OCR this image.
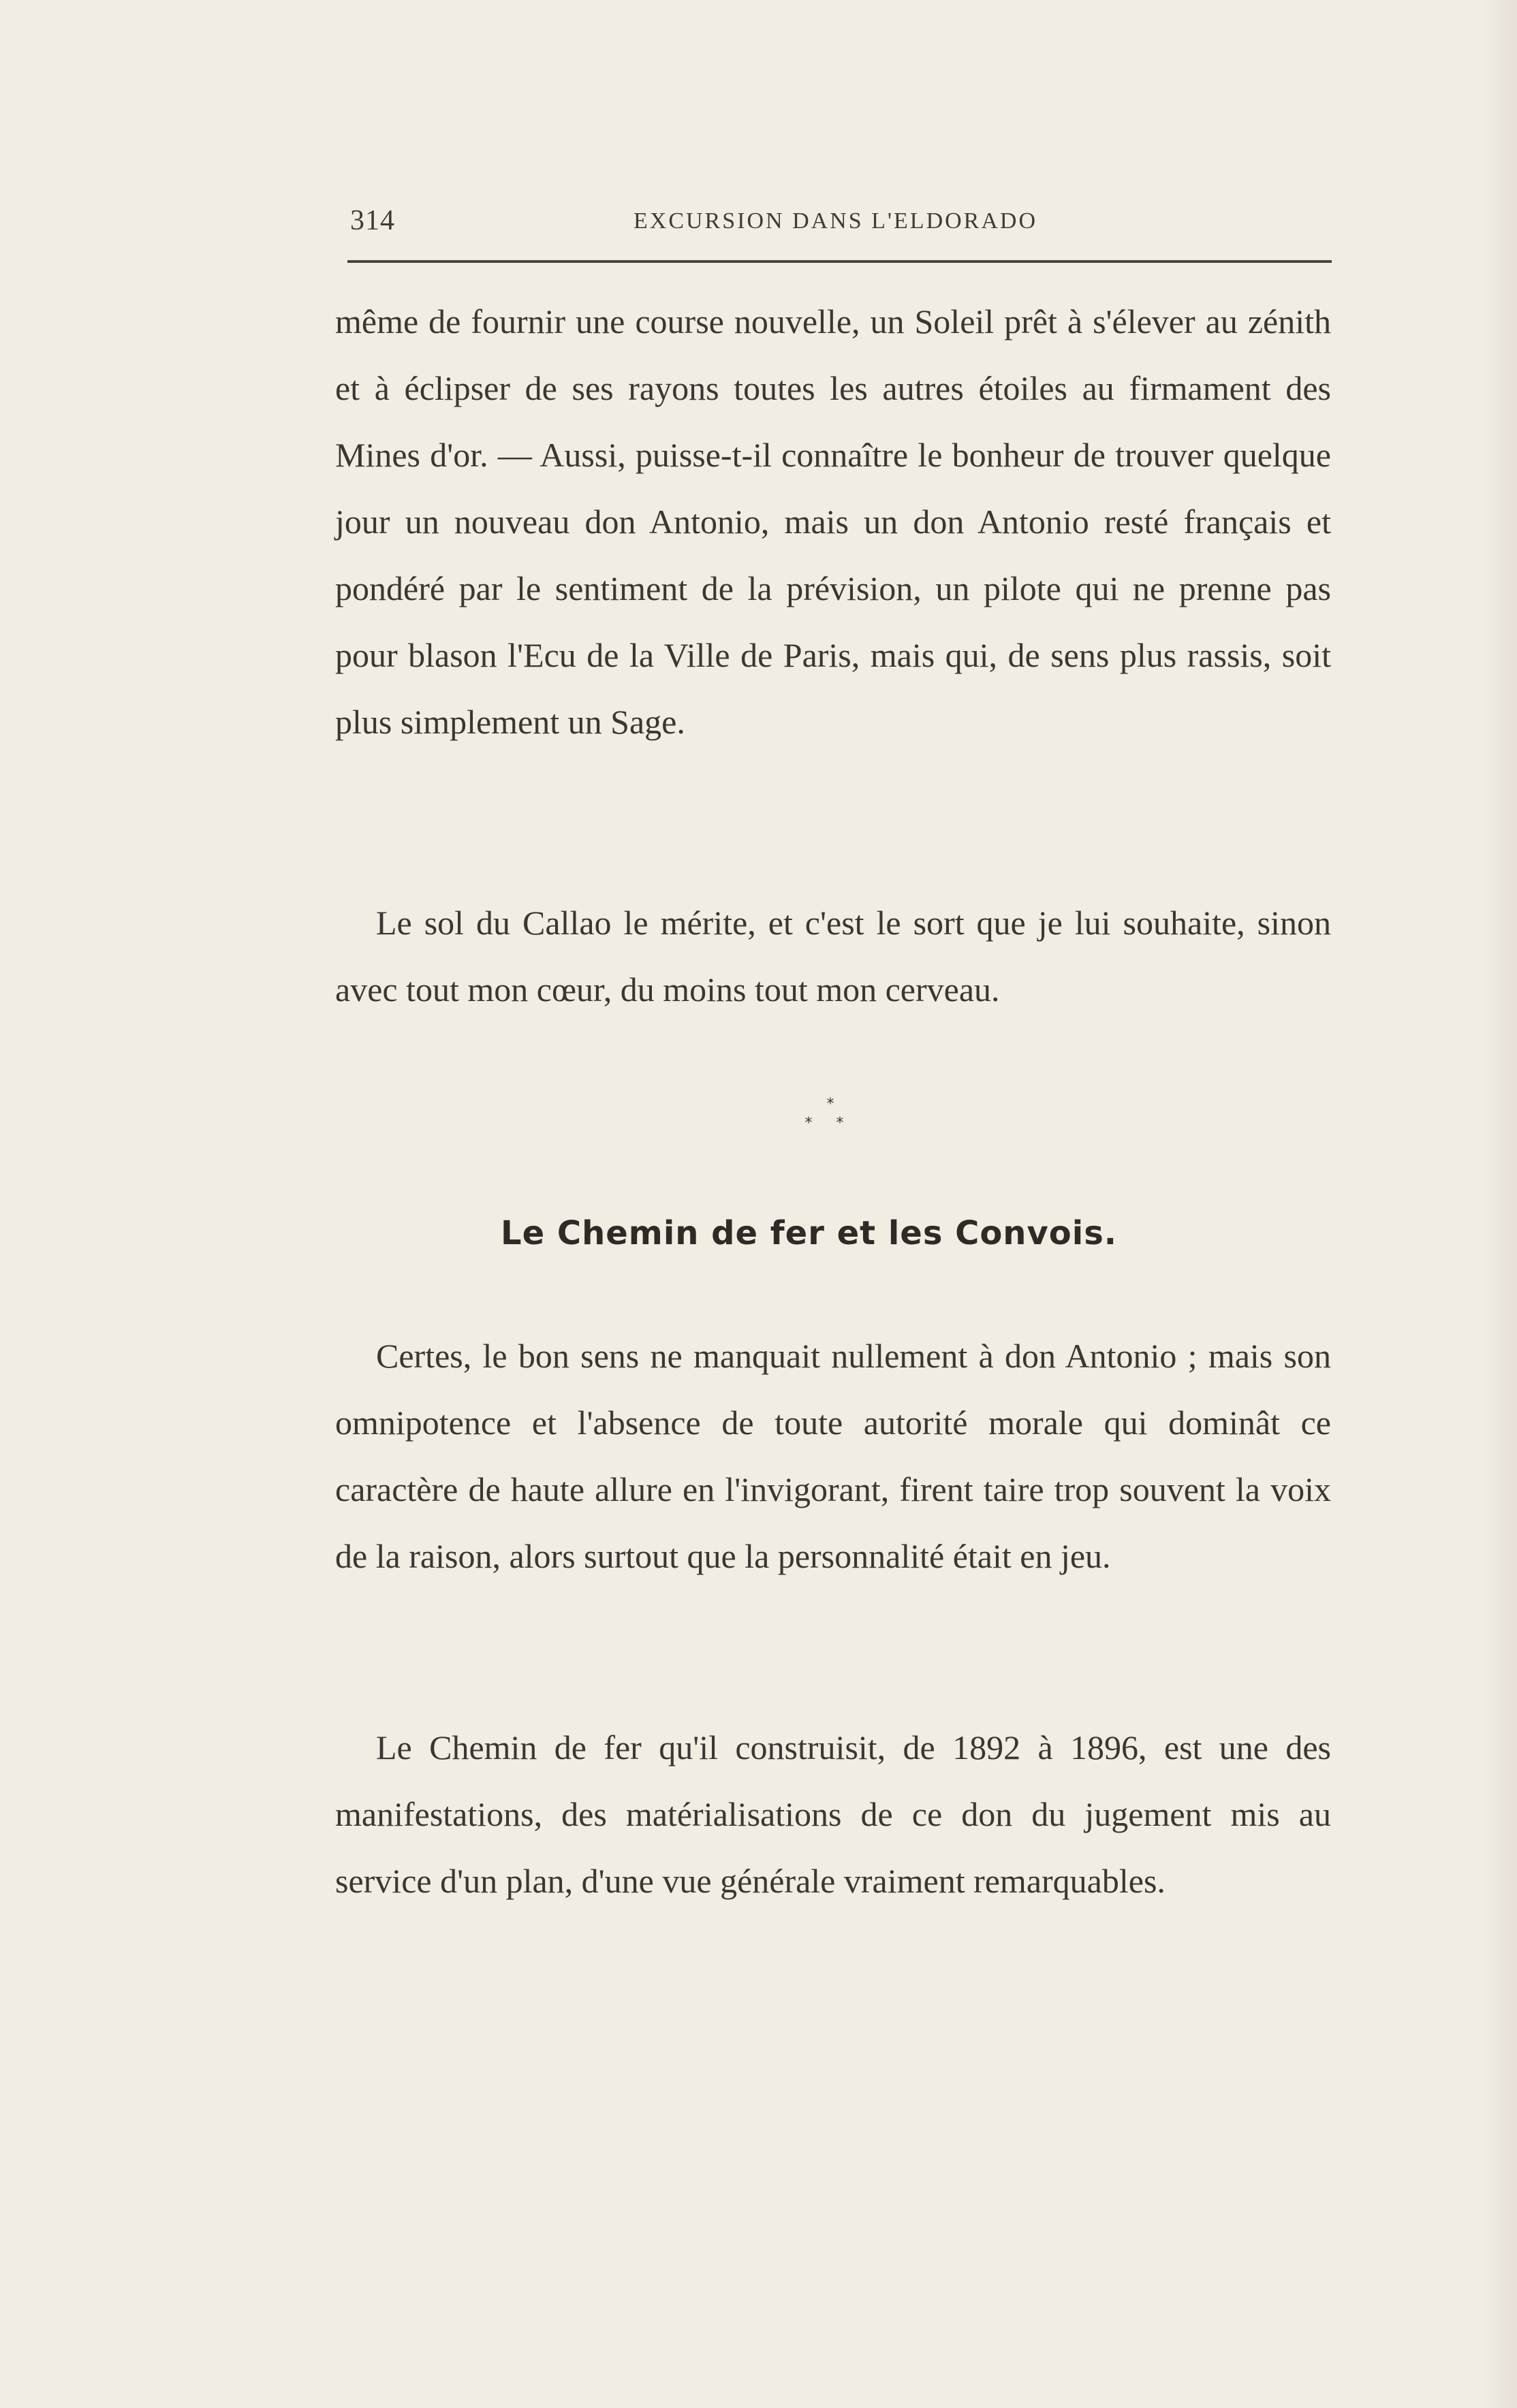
314	EXCURSION DANS L'ELDORADO

même de fournir une course nouvelle, un Soleil prêt à s'élever au zénith et à éclipser de ses rayons toutes les autres étoiles au firmament des Mines d'or. — Aussi, puisse-t-il connaître le bonheur de trouver quelque jour un nouveau don Antonio, mais un don Antonio resté français et pondéré par le sentiment de la prévision, un pilote qui ne prenne pas pour blason l'Ecu de la Ville de Paris, mais qui, de sens plus rassis, soit plus simplement un Sage.

Le sol du Callao le mérite, et c'est le sort que je lui souhaite, sinon avec tout mon cœur, du moins tout mon cerveau.

*
* *
Le Chemin de fer et les Convois.

Certes, le bon sens ne manquait nullement à don Antonio ; mais son omnipotence et l'absence de toute autorité morale qui dominât ce caractère de haute allure en l'invigorant, firent taire trop souvent la voix de la raison, alors surtout que la personnalité était en jeu.

Le Chemin de fer qu'il construisit, de 1892 à 1896, est une des manifestations, des matérialisations de ce don du jugement mis au service d'un plan, d'une vue générale vraiment remarquables.
